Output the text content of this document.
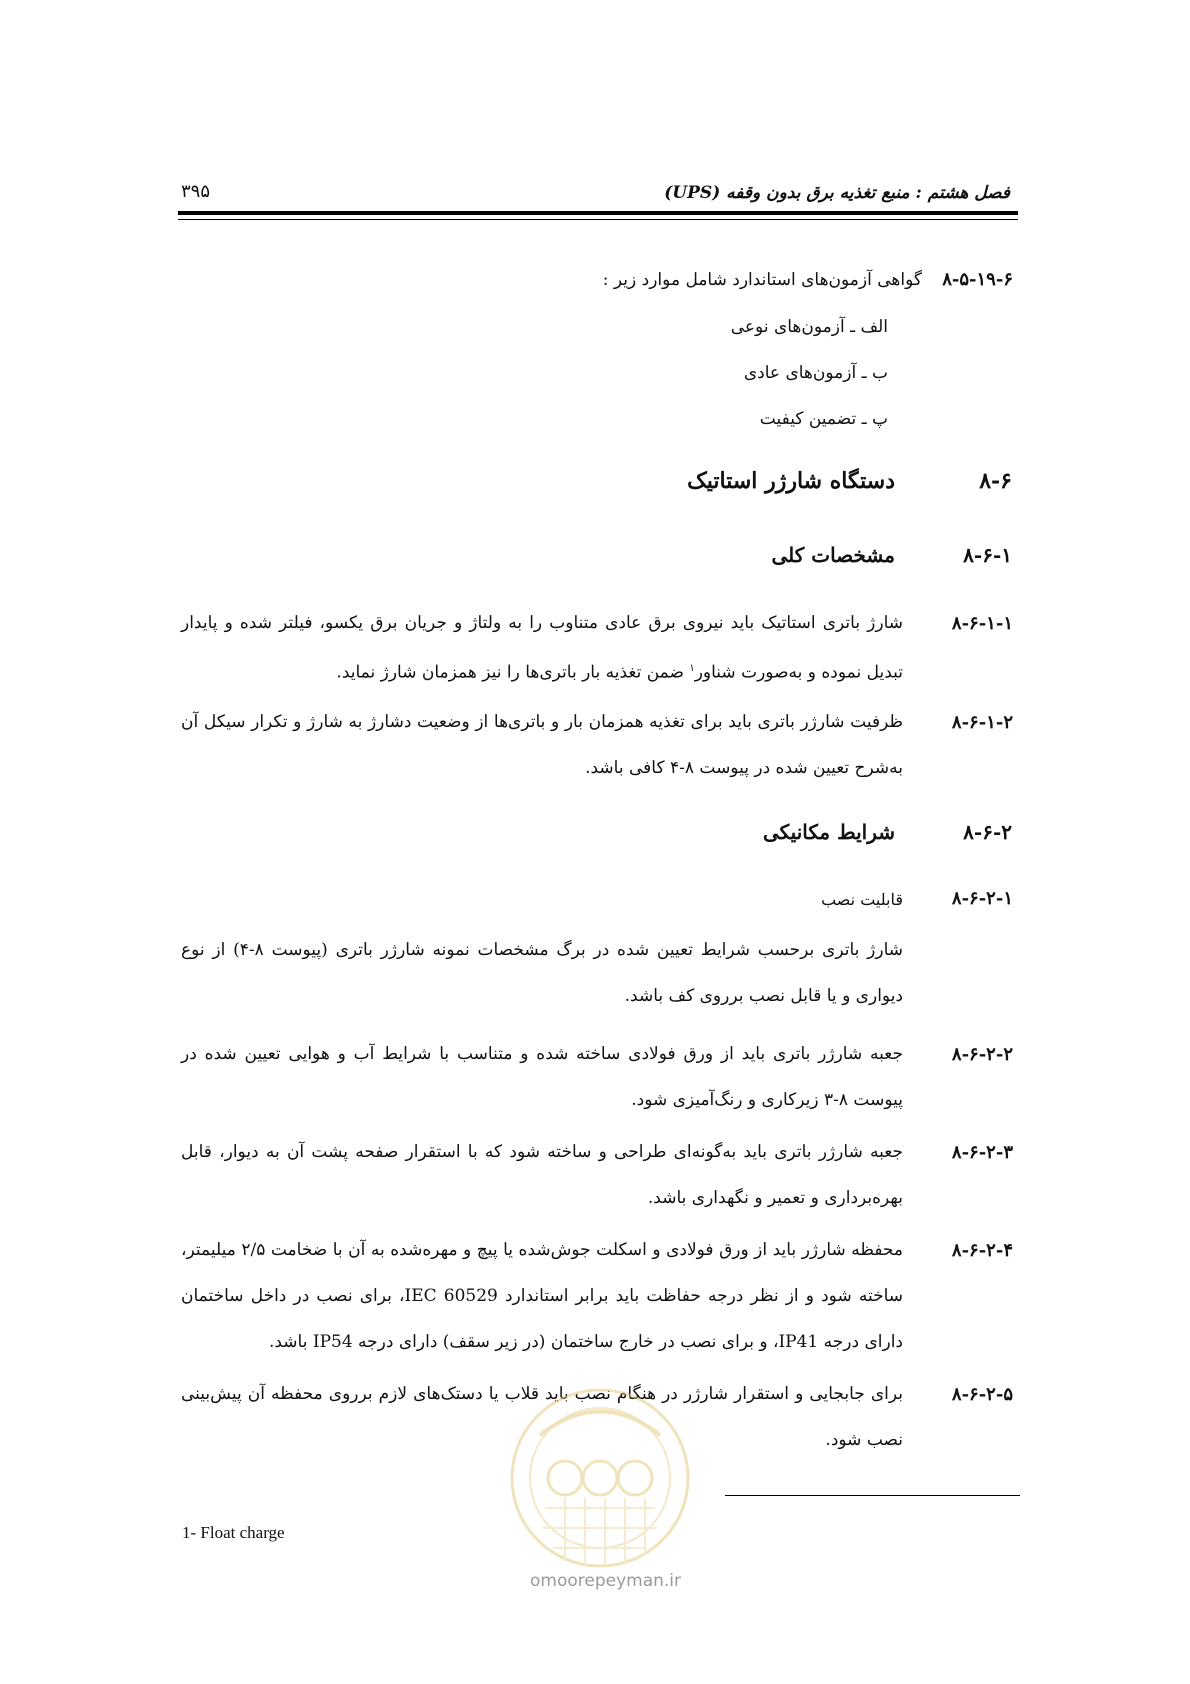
فصل هشتم : منبع تغذیه برق بدون وقفه (UPS)
۳۹۵
۸-۵-۱۹-۶
گواهی آزمون‌های استاندارد شامل موارد زیر :
الف ـ آزمون‌های نوعی
ب ـ آزمون‌های عادی
پ ـ تضمین کیفیت
۸-۶
دستگاه شارژر استاتیک
۸-۶-۱
مشخصات کلی
۸-۶-۱-۱
شارژ باتری استاتیک باید نیروی برق عادی متناوب را به ولتاژ و جریان برق یکسو، فیلتر شده و پایدار تبدیل نموده و به‌صورت شناور$^۱$ ضمن تغذیه بار باتری‌ها را نیز همزمان شارژ نماید.
۸-۶-۱-۲
ظرفیت شارژر باتری باید برای تغذیه همزمان بار و باتری‌ها از وضعیت دشارژ به شارژ و تکرار سیکل آن به‌شرح تعیین شده در پیوست ۸-۴ کافی باشد.
۸-۶-۲
شرایط مکانیکی
۸-۶-۲-۱
قابلیت نصب
شارژ باتری برحسب شرایط تعیین شده در برگ مشخصات نمونه شارژر باتری (پیوست ۸-۴) از نوع دیواری و یا قابل نصب برروی کف باشد.
۸-۶-۲-۲
جعبه شارژر باتری باید از ورق فولادی ساخته شده و متناسب با شرایط آب و هوایی تعیین شده در پیوست ۸-۳ زیرکاری و رنگ‌آمیزی شود.
۸-۶-۲-۳
جعبه شارژر باتری باید به‌گونه‌ای طراحی و ساخته شود که با استقرار صفحه پشت آن به دیوار، قابل بهره‌برداری و تعمیر و نگهداری باشد.
۸-۶-۲-۴
محفظه شارژر باید از ورق فولادی و اسکلت جوش‌شده یا پیچ و مهره‌شده به آن با ضخامت ۲/۵ میلیمتر، ساخته شود و از نظر درجه حفاظت باید برابر استاندارد IEC 60529، برای نصب در داخل ساختمان دارای درجه IP41، و برای نصب در خارج ساختمان (در زیر سقف) دارای درجه IP54 باشد.
۸-۶-۲-۵
برای جابجایی و استقرار شارژر در هنگام نصب باید قلاب یا دستک‌های لازم برروی محفظه آن پیش‌بینی نصب شود.
omoorepeyman.ir
1- Float charge
